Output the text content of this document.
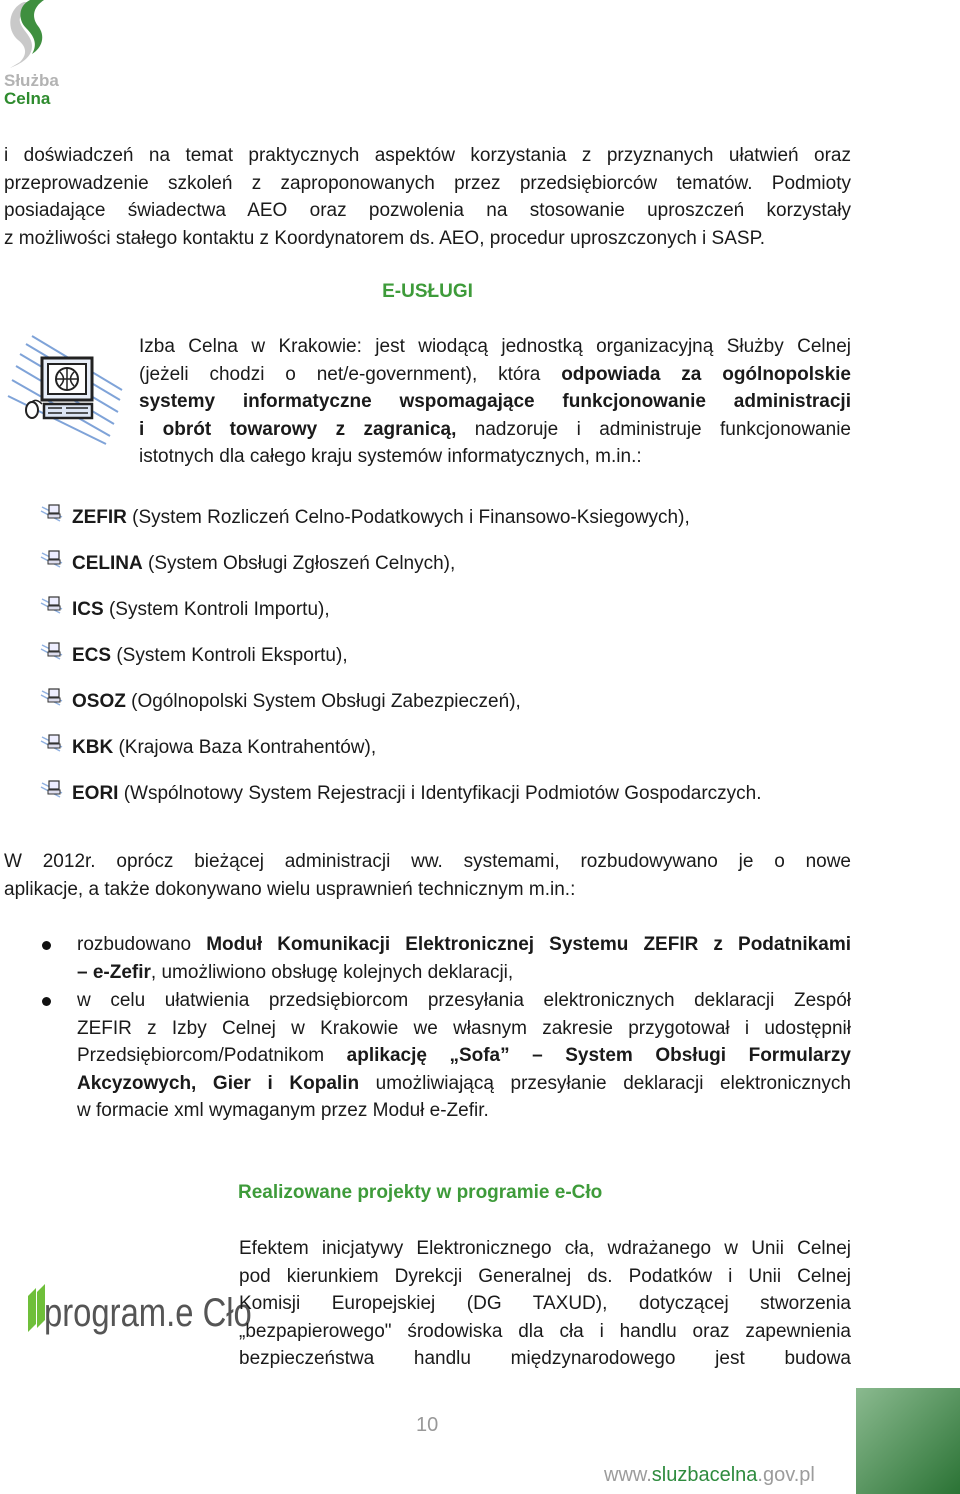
Służba
Celna
i doświadczeń na temat praktycznych aspektów korzystania z przyznanych ułatwień oraz
przeprowadzenie szkoleń z zaproponowanych przez przedsiębiorców tematów. Podmioty
posiadające świadectwa AEO oraz pozwolenia na stosowanie uproszczeń korzystały
z możliwości stałego kontaktu z Koordynatorem ds. AEO, procedur uproszczonych i SASP.
E-USŁUGI
Izba Celna w Krakowie: jest wiodącą jednostką organizacyjną Służby Celnej
(jeżeli chodzi o net/e-government), która odpowiada za ogólnopolskie
systemy informatyczne wspomagające funkcjonowanie administracji
i obrót towarowy z zagranicą, nadzoruje i administruje funkcjonowanie
istotnych dla całego kraju systemów informatycznych, m.in.:
ZEFIR (System Rozliczeń Celno-Podatkowych i Finansowo-Ksiegowych),
CELINA (System Obsługi Zgłoszeń Celnych),
ICS (System Kontroli Importu),
ECS (System Kontroli Eksportu),
OSOZ (Ogólnopolski System Obsługi Zabezpieczeń),
KBK (Krajowa Baza Kontrahentów),
EORI (Wspólnotowy System Rejestracji i Identyfikacji Podmiotów Gospodarczych.
W 2012r. oprócz bieżącej administracji ww. systemami, rozbudowywano je o nowe
aplikacje, a także dokonywano wielu usprawnień technicznym m.in.:
rozbudowano Moduł Komunikacji Elektronicznej Systemu ZEFIR z Podatnikami
– e-Zefir, umożliwiono obsługę kolejnych deklaracji,
w celu ułatwienia przedsiębiorcom przesyłania elektronicznych deklaracji Zespół
ZEFIR z Izby Celnej w Krakowie we własnym zakresie przygotował i udostępnił
Przedsiębiorcom/Podatnikom aplikację „Sofa” – System Obsługi Formularzy
Akcyzowych, Gier i Kopalin umożliwiającą przesyłanie deklaracji elektronicznych
w formacie xml wymaganym przez Moduł e-Zefir.
Realizowane projekty w programie e-Cło
program.e Cło
Efektem inicjatywy Elektronicznego cła, wdrażanego w Unii Celnej
pod kierunkiem Dyrekcji Generalnej ds. Podatków i Unii Celnej
Komisji Europejskiej (DG TAXUD), dotyczącej stworzenia
„bezpapierowego" środowiska dla cła i handlu oraz zapewnienia
bezpieczeństwa handlu międzynarodowego jest budowa
10
www.sluzbacelna.gov.pl
